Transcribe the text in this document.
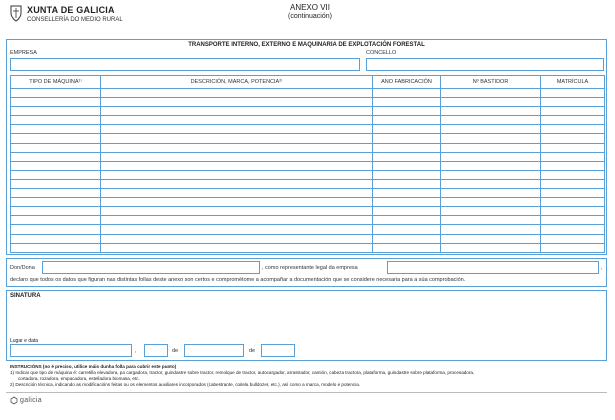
XUNTA DE GALICIA
CONSELLERÍA DO MEDIO RURAL
ANEXO VII
(continuación)
TRANSPORTE INTERNO, EXTERNO E MAQUINARIA DE EXPLOTACIÓN FORESTAL
EMPRESA	CONCELLO
TIPO DE MÁQUINA¹⁾	DESCRICIÓN, MARCA, POTENCIA²⁾	ANO FABRICACIÓN	Nº BASTIDOR	MATRÍCULA

Don/Dona	, como representante legal da empresa	,
declaro que todos os datos que figuran nas distintas follas deste anexo son certos e comprométome a acompañar a documentación que se considere necesaria para a súa comprobación.
SINATURA
Lugar e data
,	de	de
INSTRUCIÓNS (no é preciso, utilice máis dunha folla para cubrir este punto)
1) Indicar que tipo de máquina é: carretilla elevadora, pa cargadora, tractor, guindastre sobre tractor, remolque de tractor, autocargador, arrastrador, camión, cabeza tractora, plataforma, guindastre sobre plataforma, procesadora,
cortadora, rozadora, empacadora, estelladora biomasa, etc.
2) Descrición técnica, indicando as modificacións feitas ou os elementos auxiliares incorporados (cabestrante, coitela bulldozer, etc.), así como a marca, modelo e potencia.
galicia
